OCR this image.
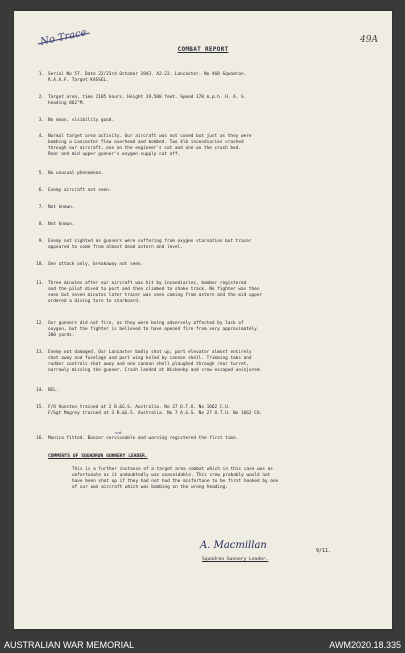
No Trace	49A
COMBAT REPORT
1. Serial No 57. Date 22/23rd October 1943. A2-22. Lancaster. No 460 Squadron.
R.A.A.F. Target KASSEL.
2. Target area, time 2105 hours. Height 19,500 feet. Speed 170 m.p.h. H. A. S.
heading 062°M.
3. No moon, visibility good.
4. Normal target area activity. Our aircraft was not coned but just as they were
bombing a Lancaster flew overhead and bombed. Two 4lb incendiaries crashed
through our aircraft, one on the engineer's cot and one on the crush bed.
Rear and mid upper gunner's oxygen supply cut off.
5. No unusual phenomena.
6. Enemy aircraft not seen.
7. Not known.
8. Not known.
9. Enemy not sighted as gunners were suffering from oxygen starvation but tracer
appeared to come from almost dead astern and level.
10. One attack only, breakaway not seen.
11. Three minutes after our aircraft was hit by incendiaries, bomber registered
and the pilot dived to port and then climbed to shake track. No fighter was then
seen but seven minutes later tracer was seen coming from astern and the mid upper
ordered a diving turn to starboard.
12. Our gunners did not fire, as they were being adversely affected by lack of
oxygen, but the fighter is believed to have opened fire from very approximately
300 yards.
13. Enemy not damaged. Our Lancaster badly shot up, port elevator almost entirely
shot away and fuselage and port wing holed by cannon shell. Trimming tabs and
rudder controls shot away and one cannon shell ploughed through rear turret,
narrowly missing the gunner. Crash landed at Wickenby and crew escaped uninjured.
14. NIL.
15. F/O Hunston trained at 2 B.&G.S. Australia. No 27 O.T.U. No 1662 C.U.
F/Sgt Magrey trained at 3 B.&G.S. Australia. No 7 A.G.S. No 27 O.T.U. No 1662 CU.
not
16. Monica fitted. Boozer serviceable and warning registered the first time.
COMMENTS OF SQUADRON GUNNERY LEADER.
This is a further instance of a target area combat which in this case was as
unfortunate as it undoubtedly was unavoidable. This crew probably would not
have been shot up if they had not had the misfortune to be first hooked by one
of our own aircraft which was bombing on the wrong heading.
A. Macmillan	9/11.
Squadron Gunnery Leader.
AUSTRALIAN WAR MEMORIAL	AWM2020.18.335
